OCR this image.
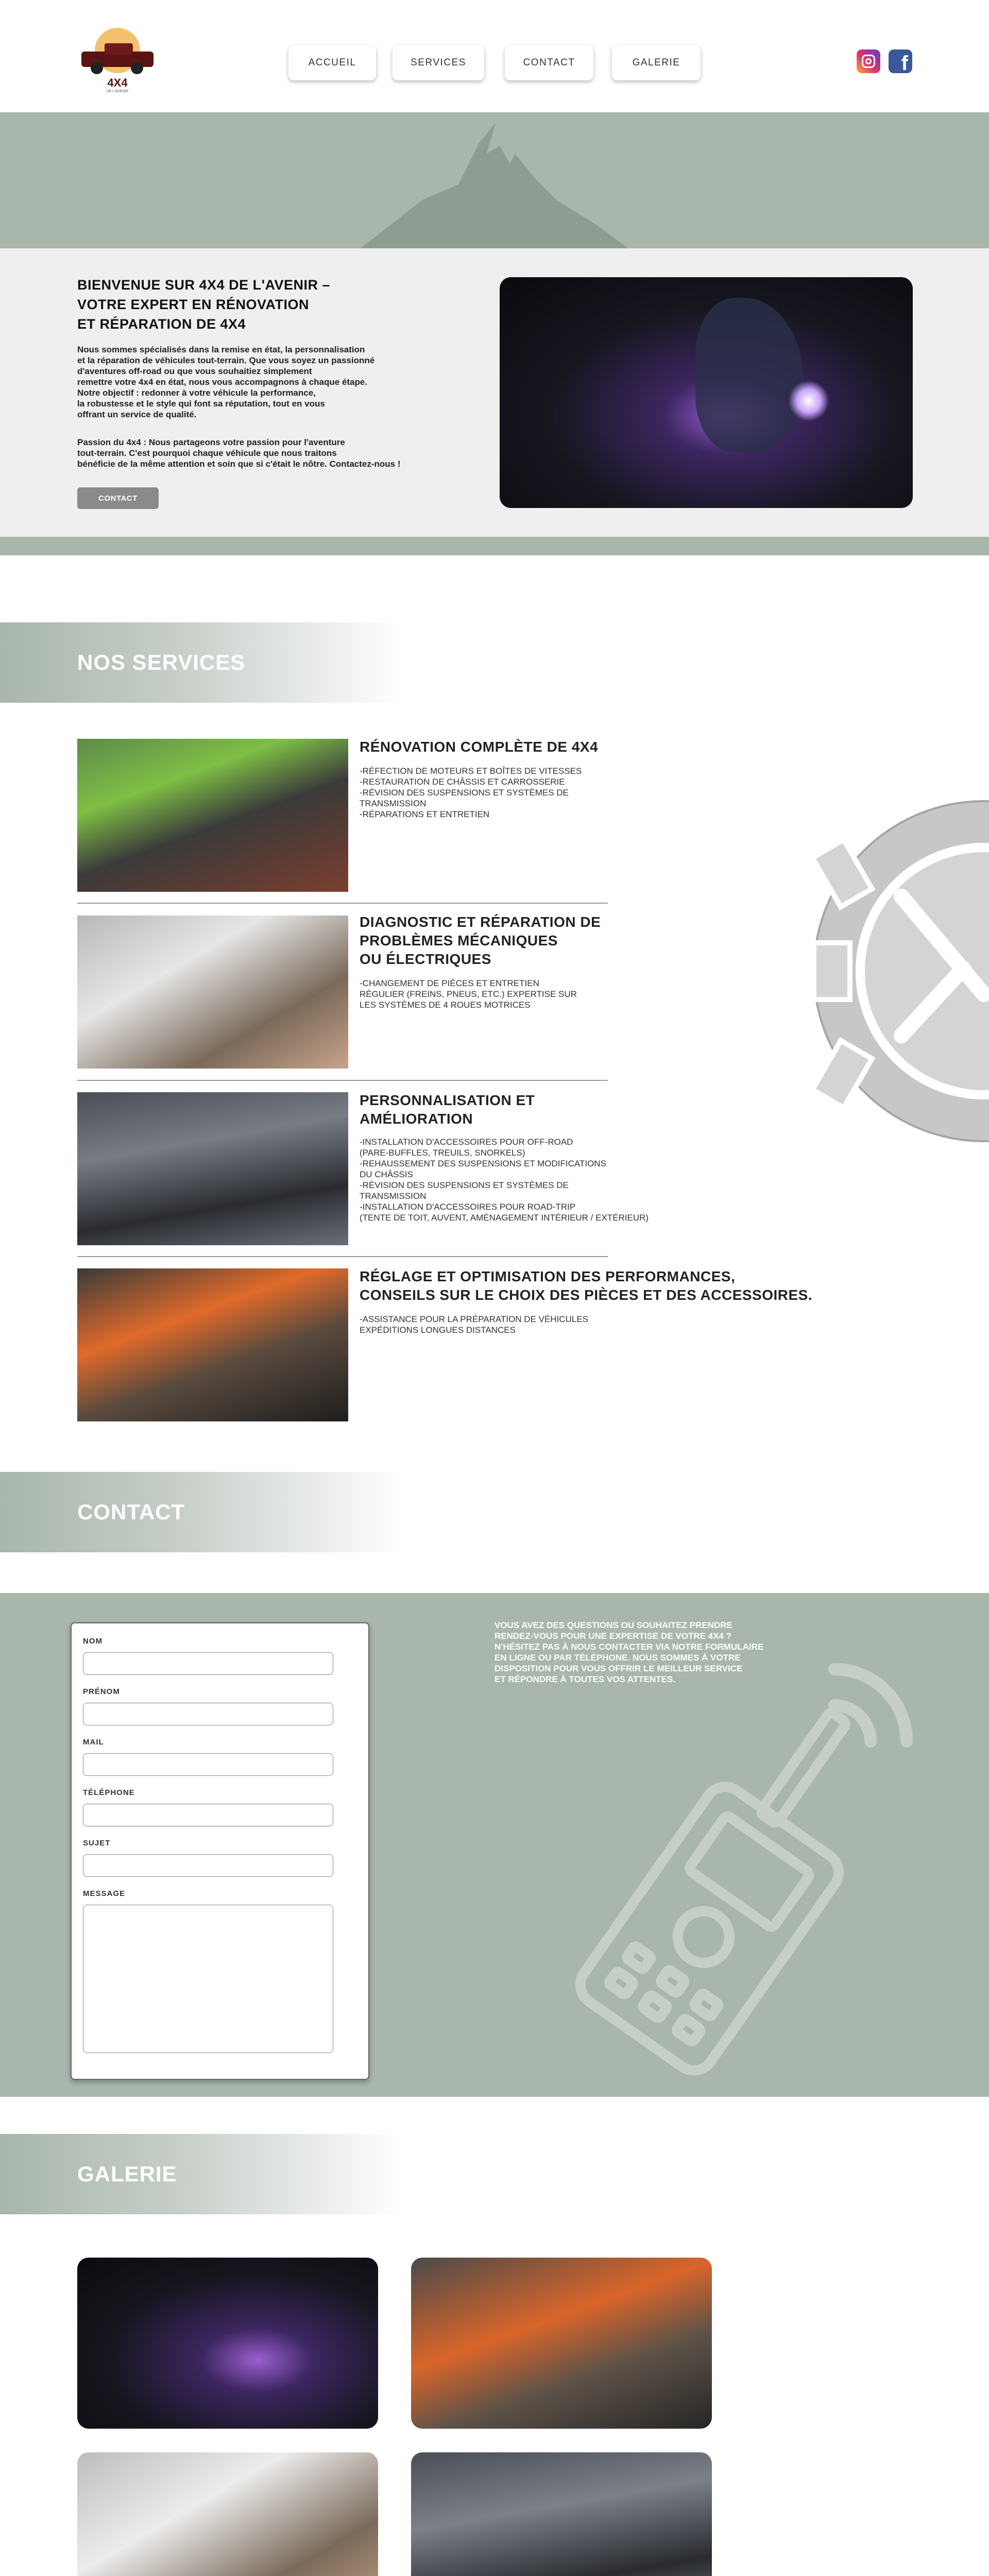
4X4
DE L'AVENIR
ACCUEIL	SERVICES	CONTACT	GALERIE	f
BIENVENUE SUR 4X4 DE L'AVENIR –
VOTRE EXPERT EN RÉNOVATION
ET RÉPARATION DE 4X4
Nous sommes spécialisés dans la remise en état, la personnalisation
et la réparation de véhicules tout-terrain. Que vous soyez un passionné
d'aventures off-road ou que vous souhaitiez simplement
remettre votre 4x4 en état, nous vous accompagnons à chaque étape.
Notre objectif : redonner à votre véhicule la performance,
la robustesse et le style qui font sa réputation, tout en vous
offrant un service de qualité.
Passion du 4x4 : Nous partageons votre passion pour l'aventure
tout-terrain. C'est pourquoi chaque véhicule que nous traitons
bénéficie de la même attention et soin que si c'était le nôtre. Contactez-nous !
CONTACT
NOS SERVICES
RÉNOVATION COMPLÈTE DE 4X4
-RÉFECTION DE MOTEURS ET BOÎTES DE VITESSES
-RESTAURATION DE CHÂSSIS ET CARROSSERIE
-RÉVISION DES SUSPENSIONS ET SYSTÈMES DE
TRANSMISSION
-RÉPARATIONS ET ENTRETIEN
DIAGNOSTIC ET RÉPARATION DE
PROBLÈMES MÉCANIQUES
OU ÉLECTRIQUES
-CHANGEMENT DE PIÈCES ET ENTRETIEN
RÉGULIER (FREINS, PNEUS, ETC.) EXPERTISE SUR
LES SYSTÈMES DE 4 ROUES MOTRICES
PERSONNALISATION ET
AMÉLIORATION
-INSTALLATION D'ACCESSOIRES POUR OFF-ROAD
(PARE-BUFFLES, TREUILS, SNORKELS)
-REHAUSSEMENT DES SUSPENSIONS ET MODIFICATIONS
DU CHÂSSIS
-RÉVISION DES SUSPENSIONS ET SYSTÈMES DE
TRANSMISSION
-INSTALLATION D'ACCESSOIRES POUR ROAD-TRIP
(TENTE DE TOIT, AUVENT, AMÉNAGEMENT INTÉRIEUR / EXTÉRIEUR)
RÉGLAGE ET OPTIMISATION DES PERFORMANCES,
CONSEILS SUR LE CHOIX DES PIÈCES ET DES ACCESSOIRES.
-ASSISTANCE POUR LA PRÉPARATION DE VÉHICULES
EXPÉDITIONS LONGUES DISTANCES
CONTACT
NOM
PRÉNOM
MAIL
TÉLÉPHONE
SUJET
MESSAGE
VOUS AVEZ DES QUESTIONS OU SOUHAITEZ PRENDRE
RENDEZ-VOUS POUR UNE EXPERTISE DE VOTRE 4X4 ?
N'HÉSITEZ PAS À NOUS CONTACTER VIA NOTRE FORMULAIRE
EN LIGNE OU PAR TÉLÉPHONE. NOUS SOMMES À VOTRE
DISPOSITION POUR VOUS OFFRIR LE MEILLEUR SERVICE
ET RÉPONDRE À TOUTES VOS ATTENTES.
GALERIE
